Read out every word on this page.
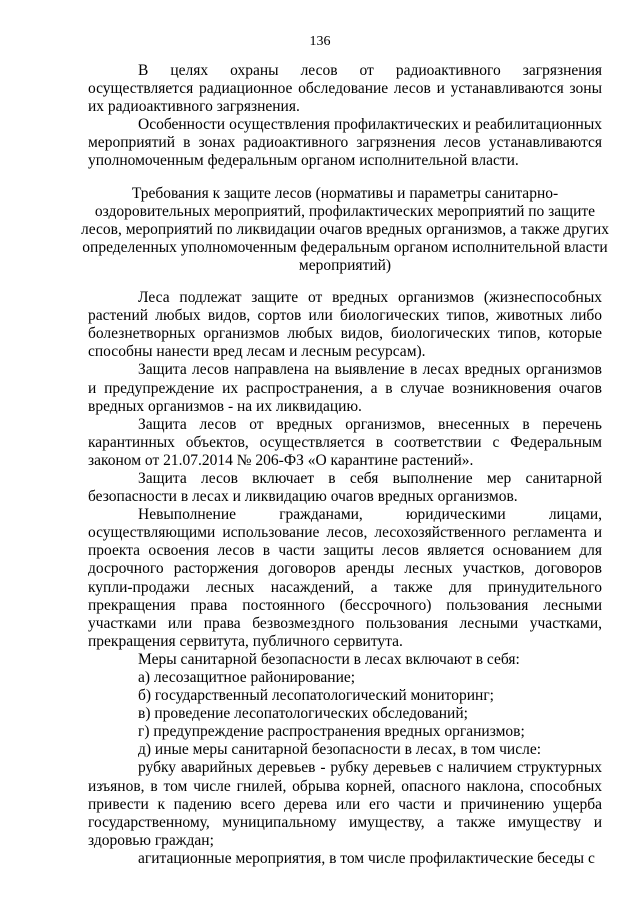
136

В целях охраны лесов от радиоактивного загрязнения осуществляется радиационное обследование лесов и устанавливаются зоны их радиоактивного загрязнения.

Особенности осуществления профилактических и реабилитационных мероприятий в зонах радиоактивного загрязнения лесов устанавливаются уполномоченным федеральным органом исполнительной власти.

Требования к защите лесов (нормативы и параметры санитарно-оздоровительных мероприятий, профилактических мероприятий по защите лесов, мероприятий по ликвидации очагов вредных организмов, а также других определенных уполномоченным федеральным органом исполнительной власти мероприятий)

Леса подлежат защите от вредных организмов (жизнеспособных растений любых видов, сортов или биологических типов, животных либо болезнетворных организмов любых видов, биологических типов, которые способны нанести вред лесам и лесным ресурсам).

Защита лесов направлена на выявление в лесах вредных организмов и предупреждение их распространения, а в случае возникновения очагов вредных организмов - на их ликвидацию.

Защита лесов от вредных организмов, внесенных в перечень карантинных объектов, осуществляется в соответствии с Федеральным законом от 21.07.2014 № 206-ФЗ «О карантине растений».

Защита лесов включает в себя выполнение мер санитарной безопасности в лесах и ликвидацию очагов вредных организмов.

Невыполнение гражданами, юридическими лицами, осуществляющими использование лесов, лесохозяйственного регламента и проекта освоения лесов в части защиты лесов является основанием для досрочного расторжения договоров аренды лесных участков, договоров купли-продажи лесных насаждений, а также для принудительного прекращения права постоянного (бессрочного) пользования лесными участками или права безвозмездного пользования лесными участками, прекращения сервитута, публичного сервитута.

Меры санитарной безопасности в лесах включают в себя:

а) лесозащитное районирование;

б) государственный лесопатологический мониторинг;

в) проведение лесопатологических обследований;

г) предупреждение распространения вредных организмов;

д) иные меры санитарной безопасности в лесах, в том числе:

рубку аварийных деревьев - рубку деревьев с наличием структурных изъянов, в том числе гнилей, обрыва корней, опасного наклона, способных привести к падению всего дерева или его части и причинению ущерба государственному, муниципальному имуществу, а также имуществу и здоровью граждан;

агитационные мероприятия, в том числе профилактические беседы с
